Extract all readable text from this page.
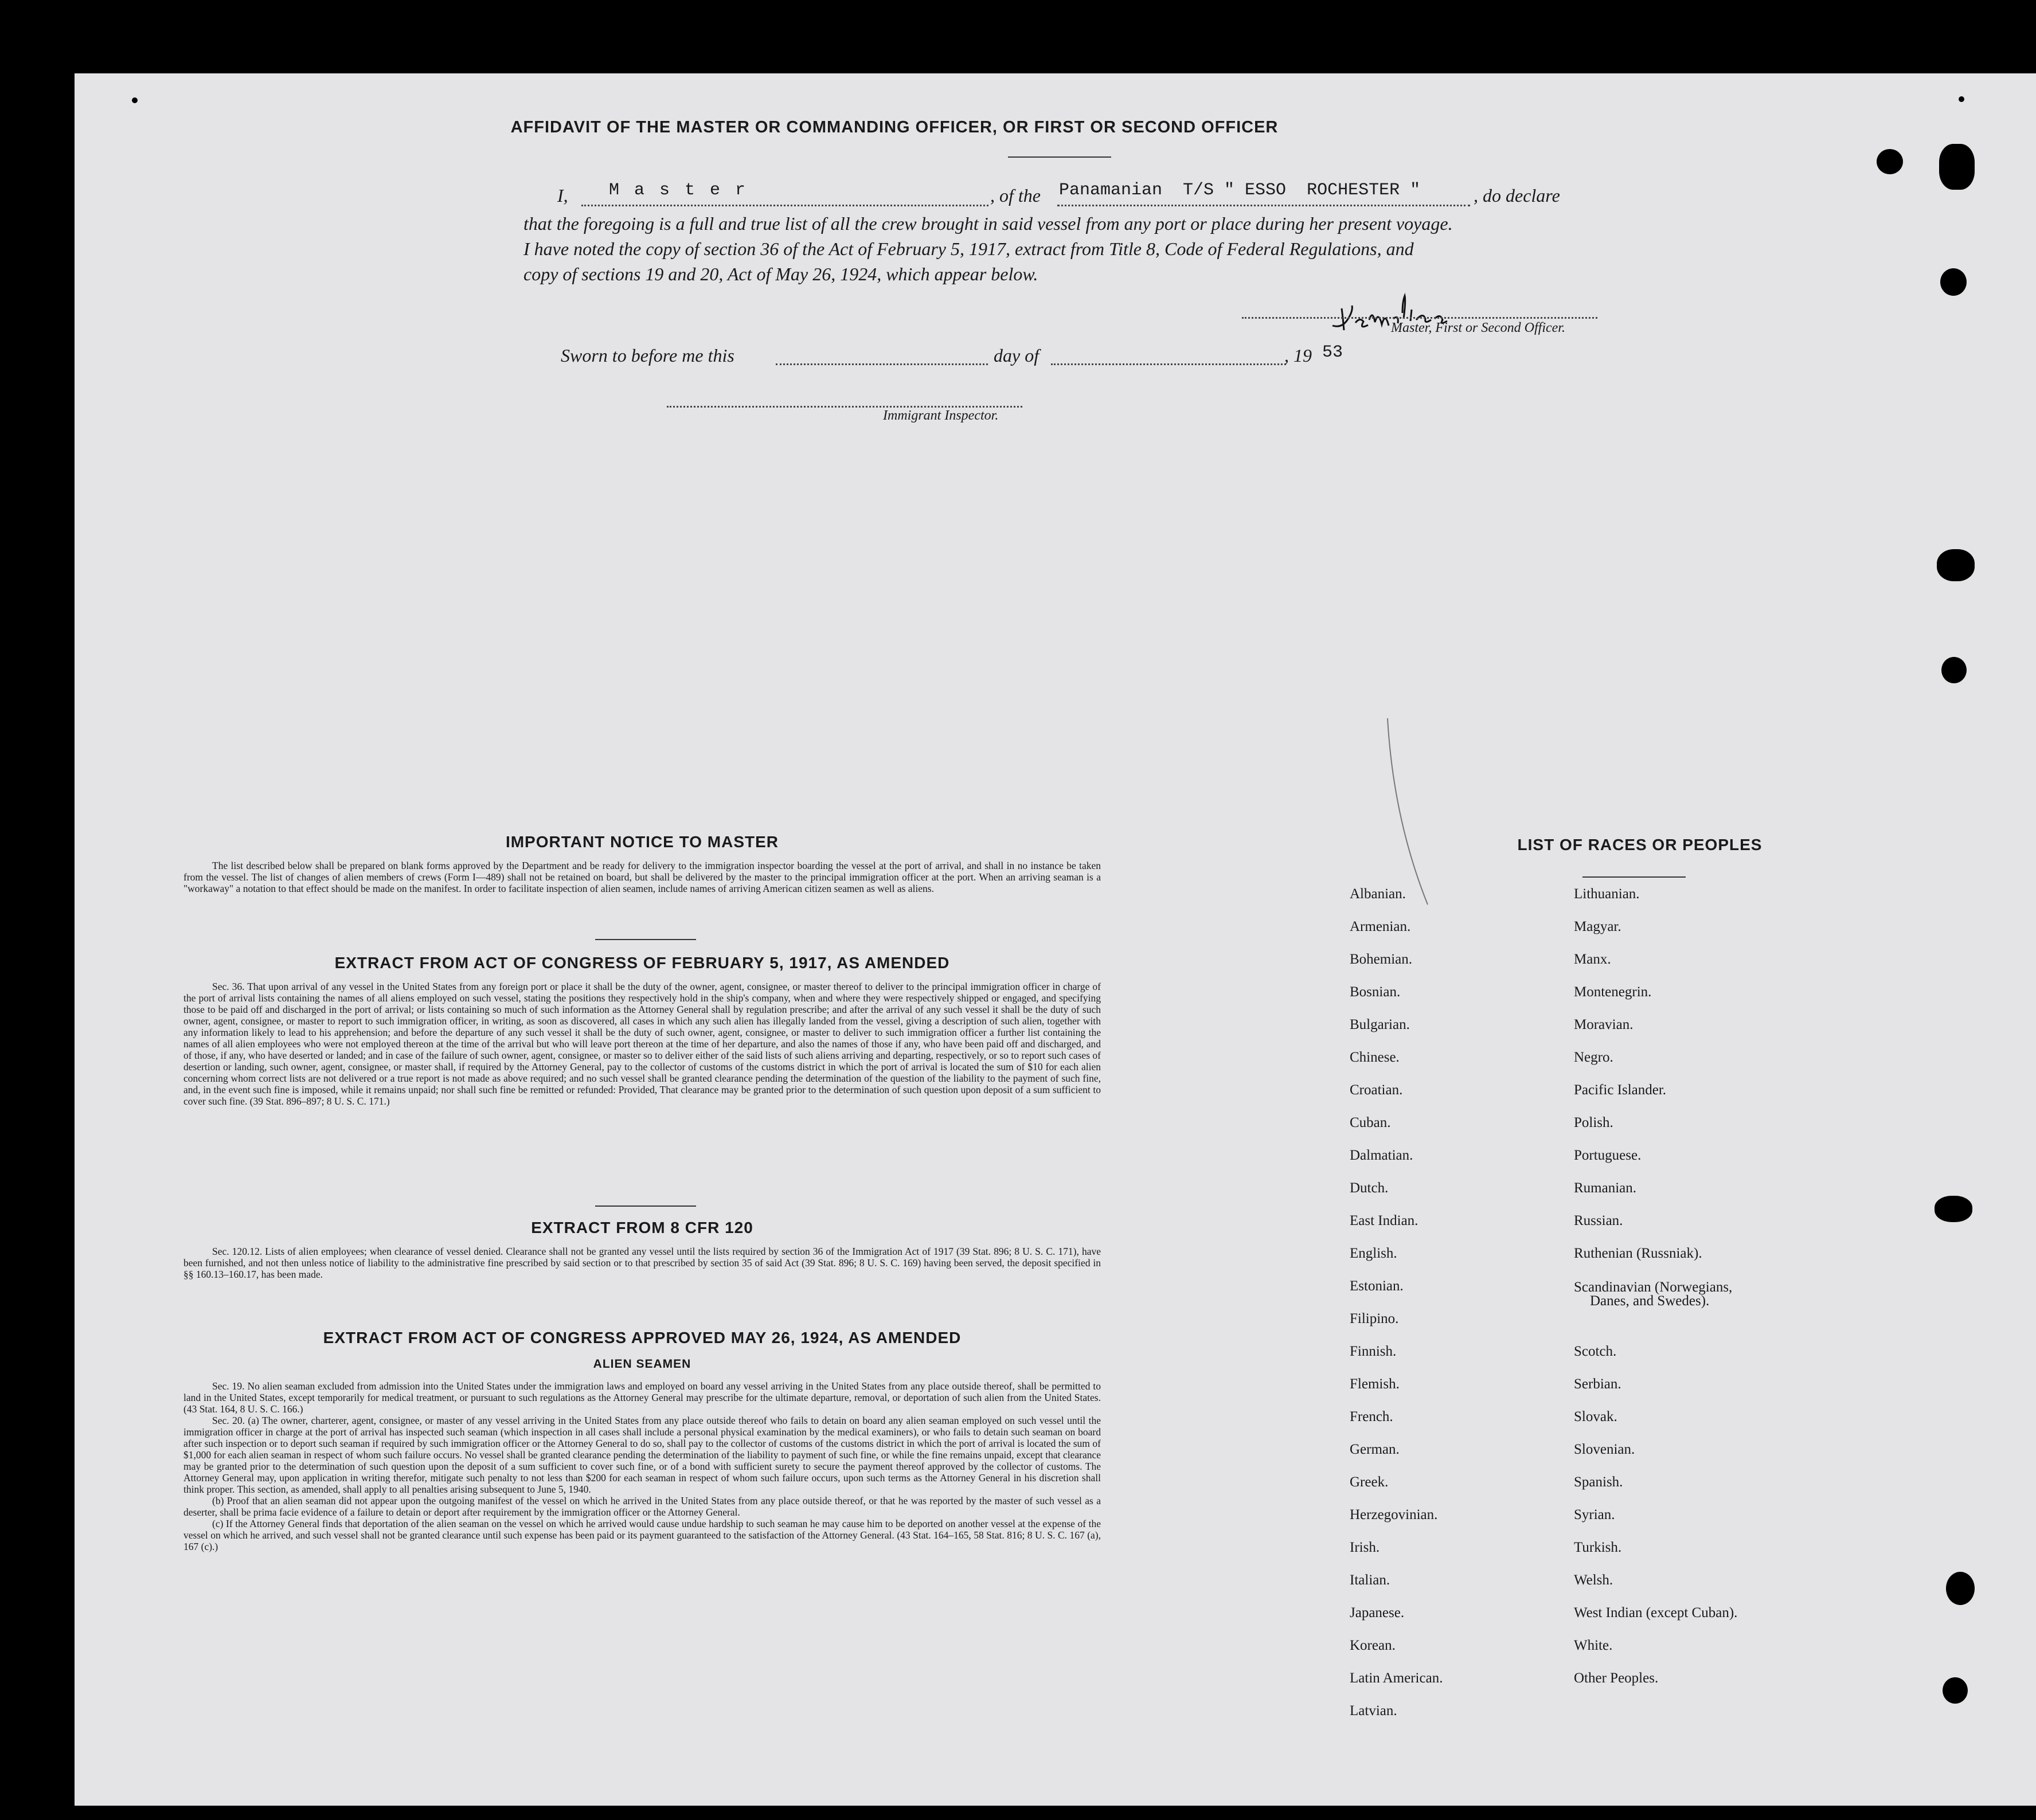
AFFIDAVIT OF THE MASTER OR COMMANDING OFFICER, OR FIRST OR SECOND OFFICER
I, M a s t e r	, of the Panamanian  T/S " ESSO  ROCHESTER "	, do declare
that the foregoing is a full and true list of all the crew brought in said vessel from any port or place during her present voyage.
I have noted the copy of section 36 of the Act of February 5, 1917, extract from Title 8, Code of Federal Regulations, and
copy of sections 19 and 20, Act of May 26, 1924, which appear below.
Master, First or Second Officer.
Sworn to before me this	day of	, 19 53
Immigrant Inspector.
IMPORTANT NOTICE TO MASTER

The list described below shall be prepared on blank forms approved by the Department and be ready for delivery to the immigration inspector boarding the vessel at the port of arrival, and shall in no instance be taken from the vessel. The list of changes of alien members of crews (Form I—489) shall not be retained on board, but shall be delivered by the master to the principal immigration officer at the port. When an arriving seaman is a "workaway" a notation to that effect should be made on the manifest. In order to facilitate inspection of alien seamen, include names of arriving American citizen seamen as well as aliens.

EXTRACT FROM ACT OF CONGRESS OF FEBRUARY 5, 1917, AS AMENDED

Sec. 36. That upon arrival of any vessel in the United States from any foreign port or place it shall be the duty of the owner, agent, consignee, or master thereof to deliver to the principal immigration officer in charge of the port of arrival lists containing the names of all aliens employed on such vessel, stating the positions they respectively hold in the ship's company, when and where they were respectively shipped or engaged, and specifying those to be paid off and discharged in the port of arrival; or lists containing so much of such information as the Attorney General shall by regulation prescribe; and after the arrival of any such vessel it shall be the duty of such owner, agent, consignee, or master to report to such immigration officer, in writing, as soon as discovered, all cases in which any such alien has illegally landed from the vessel, giving a description of such alien, together with any information likely to lead to his apprehension; and before the departure of any such vessel it shall be the duty of such owner, agent, consignee, or master to deliver to such immigration officer a further list containing the names of all alien employees who were not employed thereon at the time of the arrival but who will leave port thereon at the time of her departure, and also the names of those if any, who have been paid off and discharged, and of those, if any, who have deserted or landed; and in case of the failure of such owner, agent, consignee, or master so to deliver either of the said lists of such aliens arriving and departing, respectively, or so to report such cases of desertion or landing, such owner, agent, consignee, or master shall, if required by the Attorney General, pay to the collector of customs of the customs district in which the port of arrival is located the sum of $10 for each alien concerning whom correct lists are not delivered or a true report is not made as above required; and no such vessel shall be granted clearance pending the determination of the question of the liability to the payment of such fine, and, in the event such fine is imposed, while it remains unpaid; nor shall such fine be remitted or refunded: Provided, That clearance may be granted prior to the determination of such question upon deposit of a sum sufficient to cover such fine. (39 Stat. 896–897; 8 U. S. C. 171.)

EXTRACT FROM 8 CFR 120

Sec. 120.12. Lists of alien employees; when clearance of vessel denied. Clearance shall not be granted any vessel until the lists required by section 36 of the Immigration Act of 1917 (39 Stat. 896; 8 U. S. C. 171), have been furnished, and not then unless notice of liability to the administrative fine prescribed by said section or to that prescribed by section 35 of said Act (39 Stat. 896; 8 U. S. C. 169) having been served, the deposit specified in §§ 160.13–160.17, has been made.

EXTRACT FROM ACT OF CONGRESS APPROVED MAY 26, 1924, AS AMENDED
ALIEN SEAMEN

Sec. 19. No alien seaman excluded from admission into the United States under the immigration laws and employed on board any vessel arriving in the United States from any place outside thereof, shall be permitted to land in the United States, except temporarily for medical treatment, or pursuant to such regulations as the Attorney General may prescribe for the ultimate departure, removal, or deportation of such alien from the United States. (43 Stat. 164, 8 U. S. C. 166.)

Sec. 20. (a) The owner, charterer, agent, consignee, or master of any vessel arriving in the United States from any place outside thereof who fails to detain on board any alien seaman employed on such vessel until the immigration officer in charge at the port of arrival has inspected such seaman (which inspection in all cases shall include a personal physical examination by the medical examiners), or who fails to detain such seaman on board after such inspection or to deport such seaman if required by such immigration officer or the Attorney General to do so, shall pay to the collector of customs of the customs district in which the port of arrival is located the sum of $1,000 for each alien seaman in respect of whom such failure occurs. No vessel shall be granted clearance pending the determination of the liability to payment of such fine, or while the fine remains unpaid, except that clearance may be granted prior to the determination of such question upon the deposit of a sum sufficient to cover such fine, or of a bond with sufficient surety to secure the payment thereof approved by the collector of customs. The Attorney General may, upon application in writing therefor, mitigate such penalty to not less than $200 for each seaman in respect of whom such failure occurs, upon such terms as the Attorney General in his discretion shall think proper. This section, as amended, shall apply to all penalties arising subsequent to June 5, 1940.

(b) Proof that an alien seaman did not appear upon the outgoing manifest of the vessel on which he arrived in the United States from any place outside thereof, or that he was reported by the master of such vessel as a deserter, shall be prima facie evidence of a failure to detain or deport after requirement by the immigration officer or the Attorney General.

(c) If the Attorney General finds that deportation of the alien seaman on the vessel on which he arrived would cause undue hardship to such seaman he may cause him to be deported on another vessel at the expense of the vessel on which he arrived, and such vessel shall not be granted clearance until such expense has been paid or its payment guaranteed to the satisfaction of the Attorney General. (43 Stat. 164–165, 58 Stat. 816; 8 U. S. C. 167 (a), 167 (c).)

LIST OF RACES OR PEOPLES
Albanian.
Armenian.
Bohemian.
Bosnian.
Bulgarian.
Chinese.
Croatian.
Cuban.
Dalmatian.
Dutch.
East Indian.
English.
Estonian.
Filipino.
Finnish.
Flemish.
French.
German.
Greek.
Herzegovinian.
Irish.
Italian.
Japanese.
Korean.
Latin American.
Latvian.
Lithuanian.
Magyar.
Manx.
Montenegrin.
Moravian.
Negro.
Pacific Islander.
Polish.
Portuguese.
Rumanian.
Russian.
Ruthenian (Russniak).
Scandinavian (Norwegians,
Danes, and Swedes).
Scotch.
Serbian.
Slovak.
Slovenian.
Spanish.
Syrian.
Turkish.
Welsh.
West Indian (except Cuban).
White.
Other Peoples.
